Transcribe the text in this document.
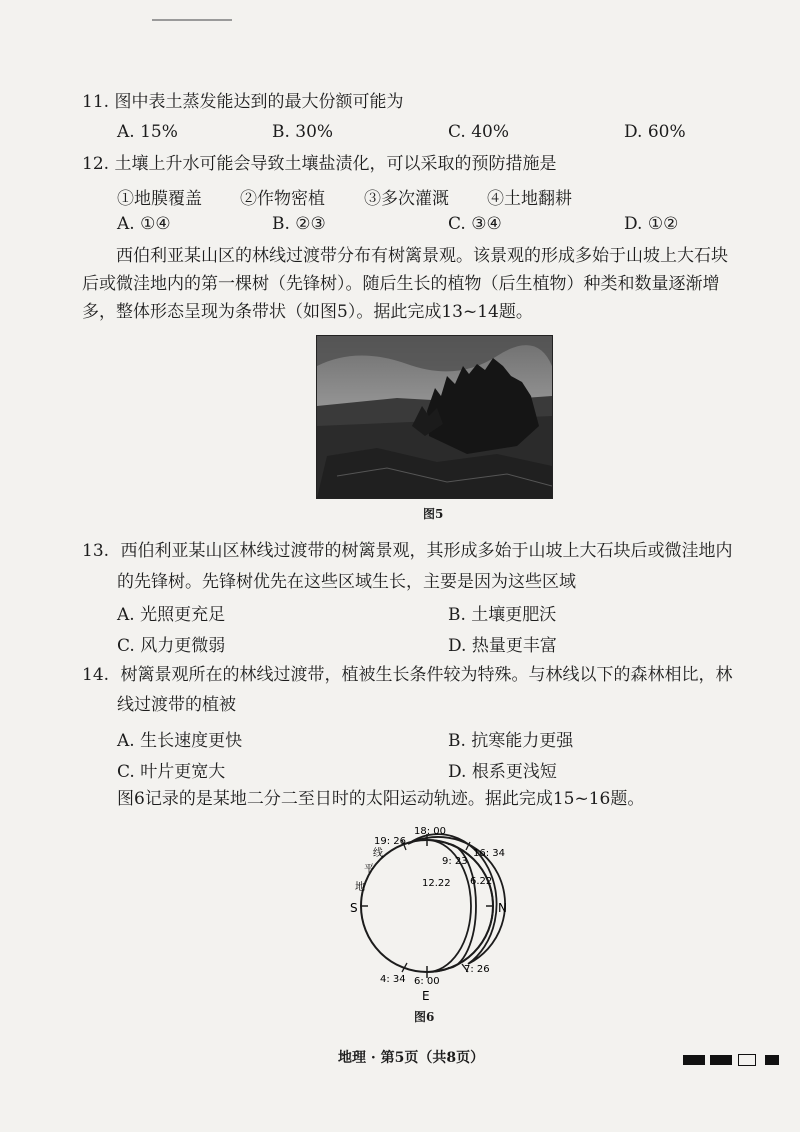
11. 图中表土蒸发能达到的最大份额可能为
A. 15%	B. 30%	C. 40%	D. 60%
12. 土壤上升水可能会导致土壤盐渍化，可以采取的预防措施是
①地膜覆盖 ②作物密植 ③多次灌溉 ④土地翻耕
A. ①④	B. ②③	C. ③④	D. ①②
西伯利亚某山区的林线过渡带分布有树篱景观。该景观的形成多始于山坡上大石块
后或微洼地内的第一棵树（先锋树）。随后生长的植物（后生植物）种类和数量逐渐增
多，整体形态呈现为条带状（如图5）。据此完成13~14题。
图5
13. 西伯利亚某山区林线过渡带的树篱景观，其形成多始于山坡上大石块后或微洼地内
的先锋树。先锋树优先在这些区域生长，主要是因为这些区域
A. 光照更充足	B. 土壤更肥沃
C. 风力更微弱	D. 热量更丰富
14. 树篱景观所在的林线过渡带，植被生长条件较为特殊。与林线以下的森林相比，林
线过渡带的植被
A. 生长速度更快	B. 抗寒能力更强
C. 叶片更宽大	D. 根系更浅短
图6记录的是某地二分二至日时的太阳运动轨迹。据此完成15~16题。
19: 26
18: 00
16: 34
9: 23
12.22 6.22
4: 34 6: 00
7: 26
S	N
E
线
平
地
图6
地理 · 第5页（共8页）
